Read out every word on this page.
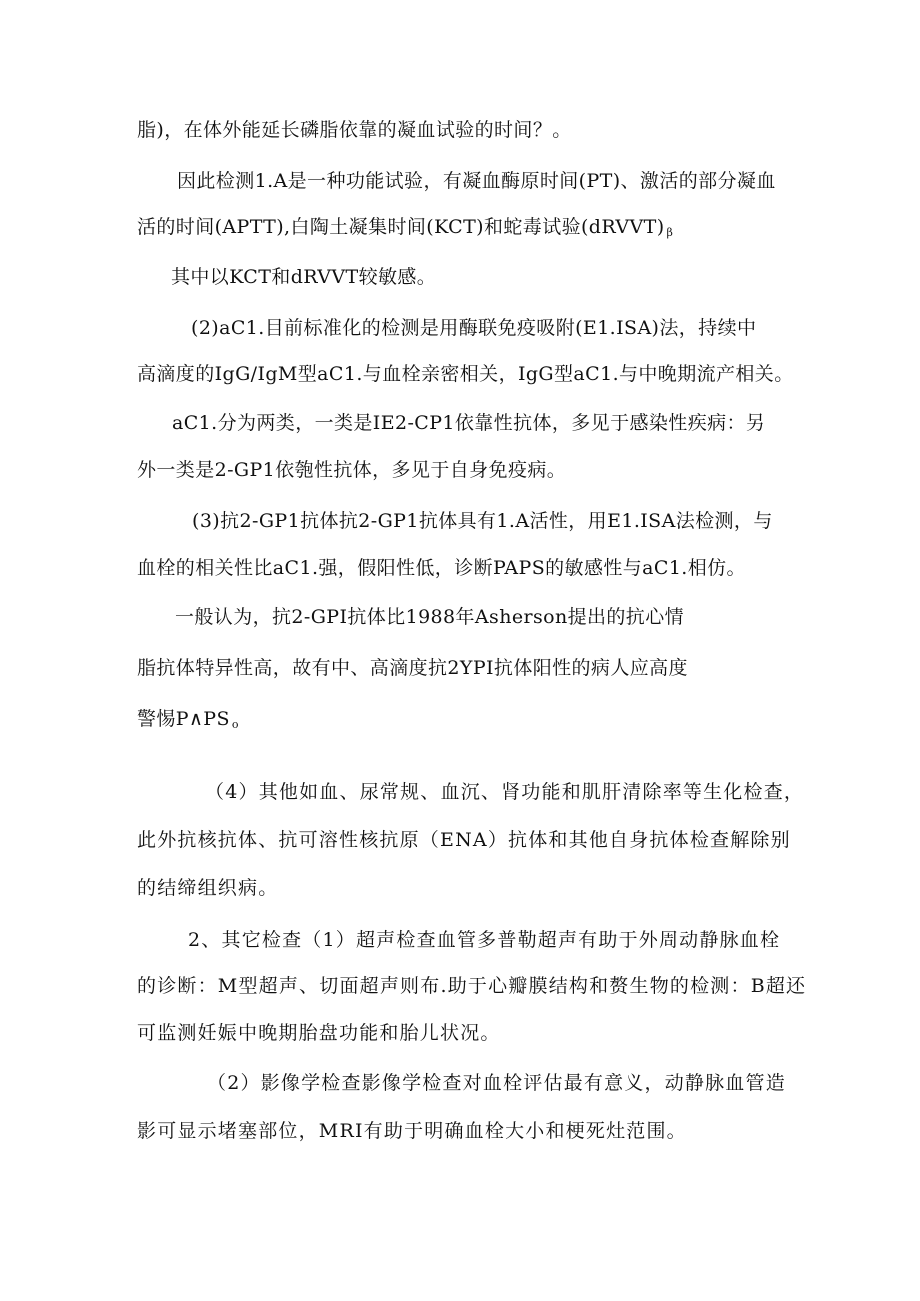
脂)，在体外能延长磷脂依靠的凝血试验的时间？。

因此检测1.A是一种功能试验，有凝血酶原时间(PT)、激活的部分凝血

活的时间(APTT),白陶土凝集时间(KCT)和蛇毒试验(dRVVT) $_\beta$

其中以KCT和dRVVT较敏感。

(2)aC1.目前标准化的检测是用酶联免疫吸附(E1.ISA)法，持续中

高滴度的IgG/IgM型aC1.与血栓亲密相关，IgG型aC1.与中晚期流产相关。

aC1.分为两类，一类是IE2-CP1依靠性抗体，多见于感染性疾病：另

外一类是2-GP1依匏性抗体，多见于自身免疫病。

(3)抗2-GP1抗体抗2-GP1抗体具有1.A活性，用E1.ISA法检测，与

血栓的相关性比aC1.强，假阳性低，诊断PAPS的敏感性与aC1.相仿。

一般认为，抗2-GPI抗体比1988年Asherson提出的抗心情

脂抗体特异性高，故有中、高滴度抗2YPI抗体阳性的病人应高度

警惕P∧PS $_o$

（4）其他如血、尿常规、血沉、肾功能和肌肝清除率等生化检查，

此外抗核抗体、抗可溶性核抗原（ENA）抗体和其他自身抗体检查解除别

的结缔组织病。

2、其它检查（1）超声检查血管多普勒超声有助于外周动静脉血栓

的诊断：M型超声、切面超声则布.助于心瓣膜结构和赘生物的检测：B超还

可监测妊娠中晚期胎盘功能和胎儿状况。

（2）影像学检查影像学检查对血栓评估最有意义，动静脉血管造

影可显示堵塞部位，MRI有助于明确血栓大小和梗死灶范围。
